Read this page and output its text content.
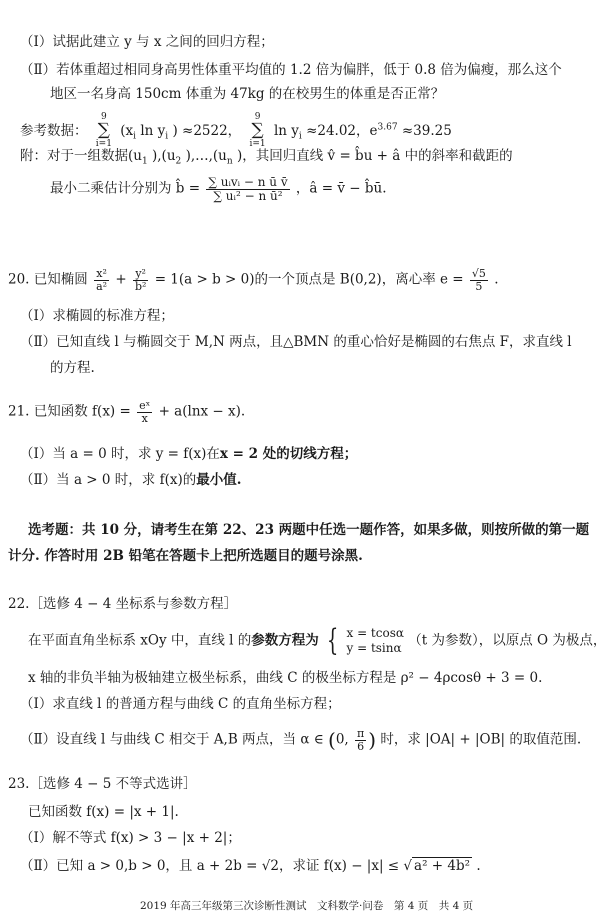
（Ⅰ）试据此建立 y 与 x 之间的回归方程；
（Ⅱ）若体重超过相同身高男性体重平均值的 1.2 倍为偏胖，低于 0.8 倍为偏瘦，那么这个
地区一名身高 150cm 体重为 47kg 的在校男生的体重是否正常？
参考数据：
9
∑
i=1
($x_i$ $\ln y_i$ ) ≈2522，
9
∑
i=1
$\ln y_i \approx 24.02$，$e^{3.67} \approx 39.25$
附：对于一组数据($u_1$ )$,(u_2$ )$,\dots,(u_n$ )，其回归直线 v̂ = b̂u + â 中的斜率和截距的
最小二乘估计分别为 b̂ = $\frac{\text{∑ uᵢvᵢ − n ū v̄}}{\text{∑ uᵢ² − n ū²}}$ ，â = v̄ − b̂ū.
20. 已知椭圆 $\frac{\text{x²}}{\text{a²}} + \frac{\text{y²}}{\text{b²}} = 1(a > b > 0)$的一个顶点是 B(0,2)，离心率 $e = \frac{√5}{5}$ .
（Ⅰ）求椭圆的标准方程；
（Ⅱ）已知直线 l 与椭圆交于 M,N 两点，且△BMN 的重心恰好是椭圆的右焦点 F，求直线 l
的方程.
21. 已知函数 $f(x) = \frac{\text{eˣ}}{x} + a(\ln x - x)$.
（Ⅰ）当 a = 0 时，求 y = f(x)在x = 2 处的切线方程；
（Ⅱ）当 a > 0 时，求 f(x)的最小值.
选考题：共 10 分，请考生在第 22、23 两题中任选一题作答，如果多做，则按所做的第一题
计分. 作答时用 2B 铅笔在答题卡上把所选题目的题号涂黑.
22.［选修 4 − 4 坐标系与参数方程］
在平面直角坐标系 xOy 中，直线 l 的参数方程为 { x = tcosα
y = tsinα （t 为参数），以原点 O 为极点，
x 轴的非负半轴为极轴建立极坐标系，曲线 C 的极坐标方程是 ρ² − 4ρcosθ + 3 = 0.
（Ⅰ）求直线 l 的普通方程与曲线 C 的直角坐标方程；
（Ⅱ）设直线 l 与曲线 C 相交于 A,B 两点，当 α ∈ (0, $\frac{\pi}{6}$ ) 时，求 |OA| + |OB| 的取值范围.
23.［选修 4 − 5 不等式选讲］
已知函数 f(x) = |x + 1|.
（Ⅰ）解不等式 f(x) > 3 − |x + 2|；
（Ⅱ）已知 a > 0,b > 0，且 a + 2b = √2，求证 f(x) − |x| ≤ √ a² + 4b² .
2019 年高三年级第三次诊断性测试　文科数学·问卷　第 4 页　共 4 页
